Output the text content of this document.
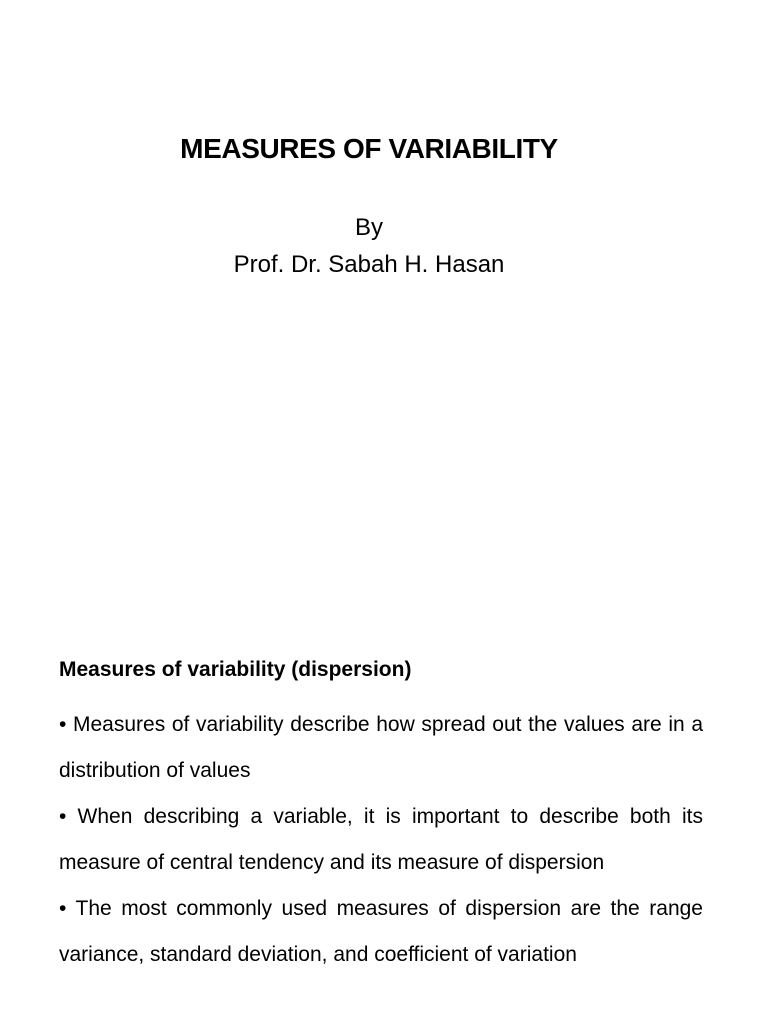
MEASURES OF VARIABILITY
By
Prof. Dr. Sabah H. Hasan

Measures of variability (dispersion)

• Measures of variability describe how spread out the values are in a distribution of values

• When describing a variable, it is important to describe both its measure of central tendency and its measure of dispersion

• The most commonly used measures of dispersion are the range variance, standard deviation, and coefficient of variation
